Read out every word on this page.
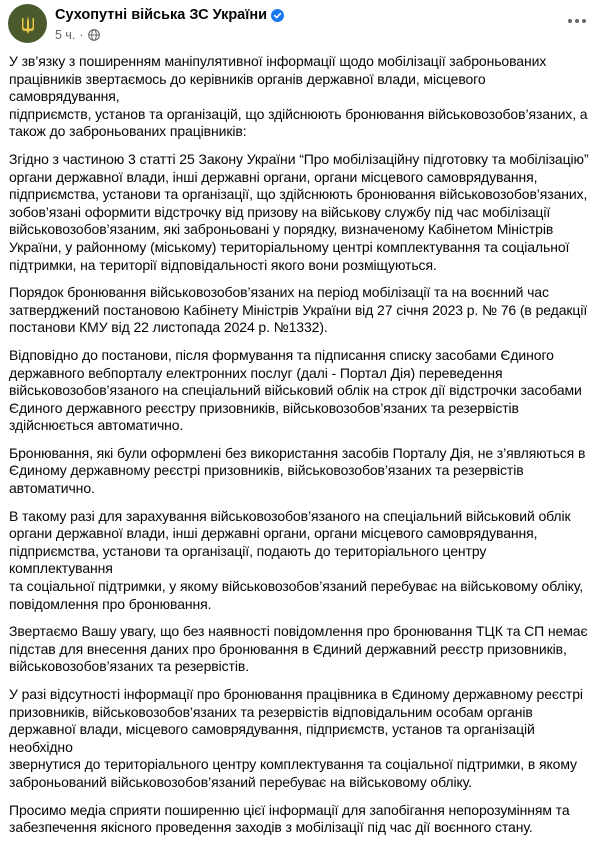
Сухопутні війська ЗС України
5 ч. ·

У зв’язку з поширенням маніпулятивної інформації щодо мобілізації заброньованих
працівників звертаємось до керівників органів державної влади, місцевого самоврядування,
підприємств, установ та організацій, що здійснюють бронювання військовозобов’язаних, а
також до заброньованих працівників:

Згідно з частиною 3 статті 25 Закону України “Про мобілізаційну підготовку та мобілізацію”
органи державної влади, інші державні органи, органи місцевого самоврядування,
підприємства, установи та організації, що здійснюють бронювання військовозобов’язаних,
зобов’язані оформити відстрочку від призову на військову службу під час мобілізації
військовозобов’язаним, які заброньовані у порядку, визначеному Кабінетом Міністрів
України, у районному (міському) територіальному центрі комплектування та соціальної
підтримки, на території відповідальності якого вони розміщуються.

Порядок бронювання військовозобов’язаних на період мобілізації та на воєнний час
затверджений постановою Кабінету Міністрів України від 27 січня 2023 р. № 76 (в редакції
постанови КМУ від 22 листопада 2024 р. №1332).

Відповідно до постанови, після формування та підписання списку засобами Єдиного
державного вебпорталу електронних послуг (далі - Портал Дія) переведення
військовозобов’язаного на спеціальний військовий облік на строк дії відстрочки засобами
Єдиного державного реєстру призовників, військовозобов’язаних та резервістів
здійснюється автоматично.

Бронювання, які були оформлені без використання засобів Порталу Дія, не з’являються в
Єдиному державному реєстрі призовників, військовозобов’язаних та резервістів
автоматично.

В такому разі для зарахування військовозобов’язаного на спеціальний військовий облік
органи державної влади, інші державні органи, органи місцевого самоврядування,
підприємства, установи та організації, подають до територіального центру комплектування
та соціальної підтримки, у якому військовозобов’язаний перебуває на військовому обліку,
повідомлення про бронювання.

Звертаємо Вашу увагу, що без наявності повідомлення про бронювання ТЦК та СП немає
підстав для внесення даних про бронювання в Єдиний державний реєстр призовників,
військовозобов’язаних та резервістів.

У разі відсутності інформації про бронювання працівника в Єдиному державному реєстрі
призовників, військовозобов’язаних та резервістів відповідальним особам органів
державної влади, місцевого самоврядування, підприємств, установ та організацій необхідно
звернутися до територіального центру комплектування та соціальної підтримки, в якому
заброньований військовозобов’язаний перебуває на військовому обліку.

Просимо медіа сприяти поширенню цієї інформації для запобігання непорозумінням та
забезпечення якісного проведення заходів з мобілізації під час дії воєнного стану.
